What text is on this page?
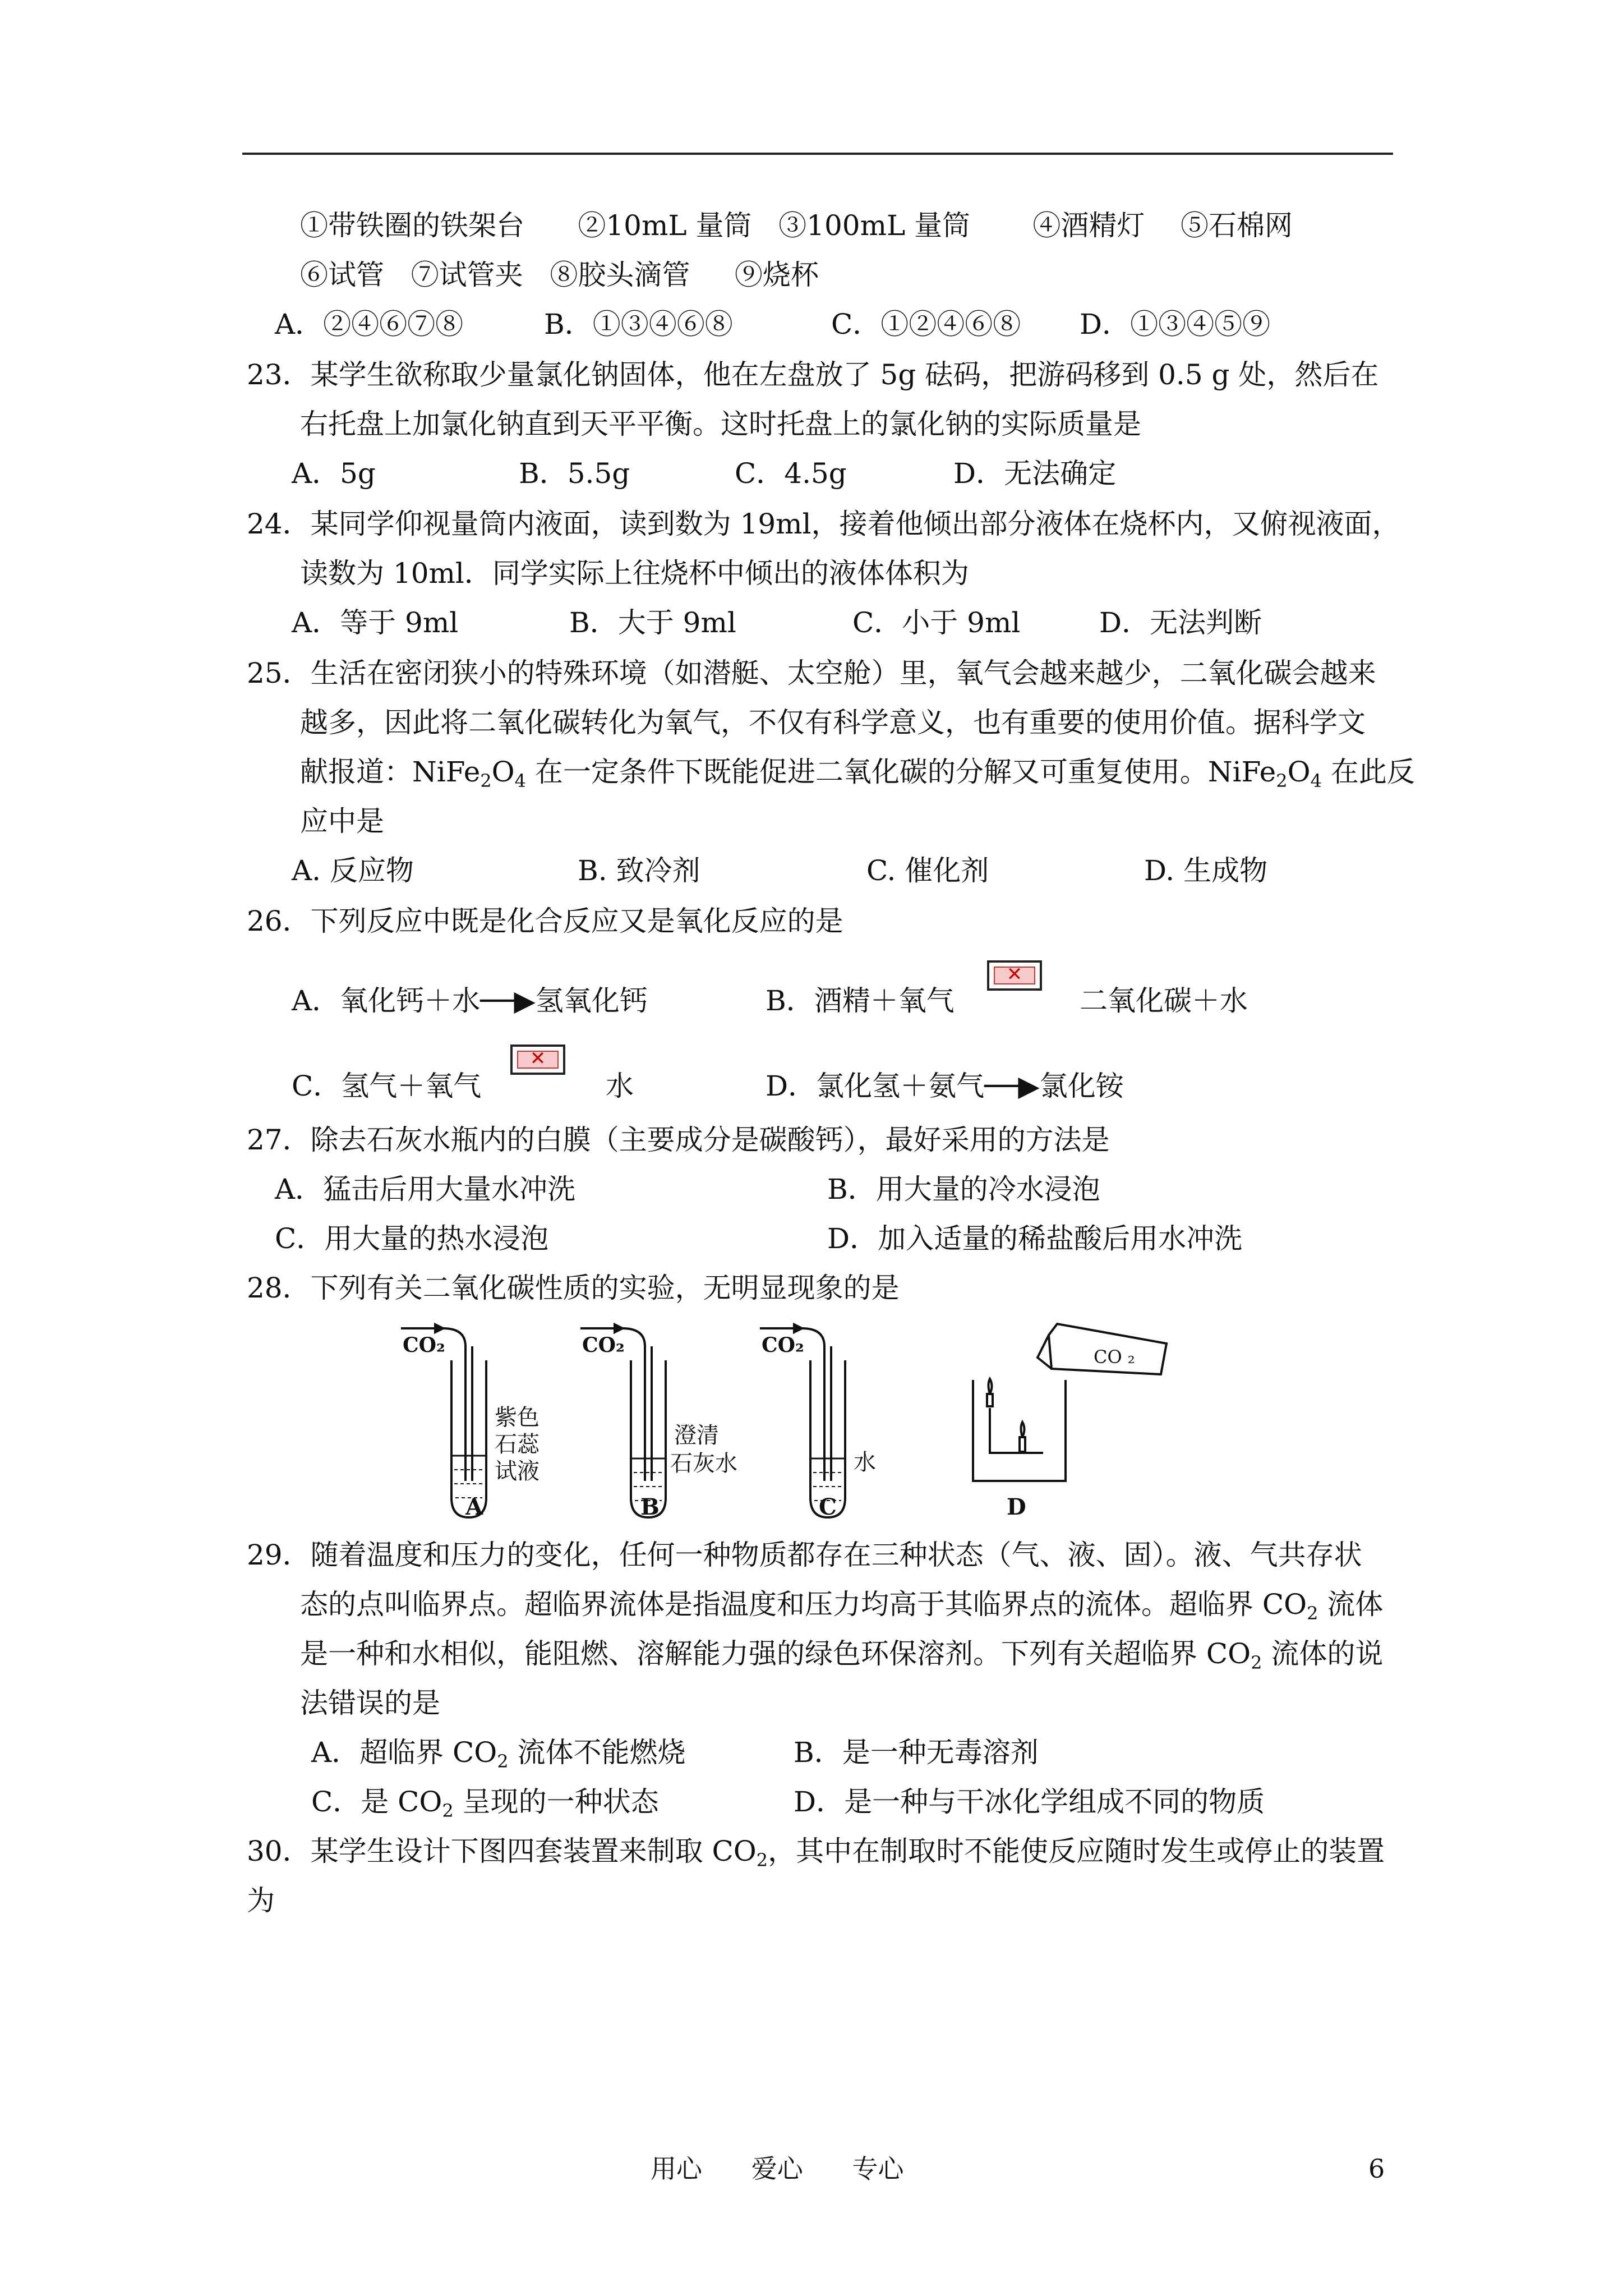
①带铁圈的铁架台      ②10mL 量筒   ③100mL 量筒       ④酒精灯    ⑤石棉网
⑥试管   ⑦试管夹   ⑧胶头滴管     ⑨烧杯

A．②④⑥⑦⑧

	B．①③④⑥⑧

	C．①②④⑥⑧

D．①③④⑤⑨

23．某学生欲称取少量氯化钠固体，他在左盘放了 5g 砝码，把游码移到 0.5 g 处，然后在
右托盘上加氯化钠直到天平平衡。这时托盘上的氯化钠的实际质量是

A．5g

	B．5.5g

	C．4.5g

	D．无法确定

24．某同学仰视量筒内液面，读到数为 19ml，接着他倾出部分液体在烧杯内，又俯视液面，
读数为 10ml．同学实际上往烧杯中倾出的液体体积为

A．等于 9ml

	B．大于 9ml

	C．小于 9ml

	D．无法判断

25．生活在密闭狭小的特殊环境（如潜艇、太空舱）里，氧气会越来越少，二氧化碳会越来
越多，因此将二氧化碳转化为氧气，不仅有科学意义，也有重要的使用价值。据科学文
献报道：$NiFe_2O_4$ 在一定条件下既能促进二氧化碳的分解又可重复使用。$NiFe_2O_4$ 在此反
应中是

A. 反应物

	B. 致冷剂

	C. 催化剂

	D. 生成物

26．下列反应中既是化合反应又是氧化反应的是
A．氧化钙＋水──▶氢氧化钙	B．酒精＋氧气
✕	二氧化碳＋水
C．氢气＋氧气
✕	水	D．氯化氢＋氨气──▶氯化铵
27．除去石灰水瓶内的白膜（主要成分是碳酸钙），最好采用的方法是
A．猛击后用大量水冲洗	B．用大量的冷水浸泡
C．用大量的热水浸泡	D．加入适量的稀盐酸后用水冲洗
28．下列有关二氧化碳性质的实验，无明显现象的是
CO₂
紫色
石蕊
试液
A
CO₂
澄清
石灰水
B
CO₂
水
C
CO ₂
D
29．随着温度和压力的变化，任何一种物质都存在三种状态（气、液、固）。液、气共存状
态的点叫临界点。超临界流体是指温度和压力均高于其临界点的流体。超临界 $CO_2$ 流体
是一种和水相似，能阻燃、溶解能力强的绿色环保溶剂。下列有关超临界 $CO_2$ 流体的说
法错误的是
A．超临界 $CO_2$ 流体不能燃烧	B．是一种无毒溶剂
C．是 $CO_2$ 呈现的一种状态	D．是一种与干冰化学组成不同的物质
30．某学生设计下图四套装置来制取 $CO_2$，其中在制取时不能使反应随时发生或停止的装置
为
用心      爱心      专心	6
